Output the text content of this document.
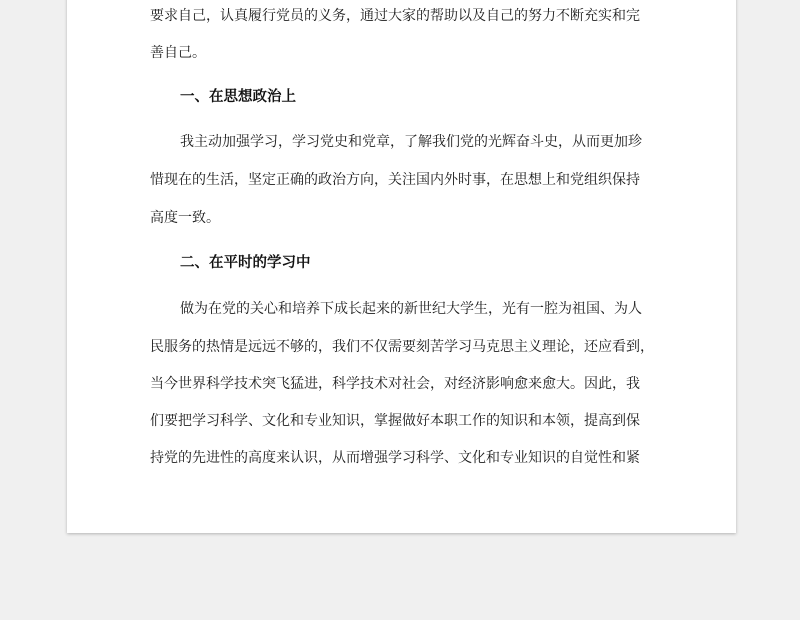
要求自己，认真履行党员的义务，通过大家的帮助以及自己的努力不断充实和完
善自己。
一、在思想政治上
我主动加强学习，学习党史和党章，了解我们党的光辉奋斗史，从而更加珍
惜现在的生活，坚定正确的政治方向，关注国内外时事，在思想上和党组织保持
高度一致。
二、在平时的学习中
做为在党的关心和培养下成长起来的新世纪大学生，光有一腔为祖国、为人
民服务的热情是远远不够的，我们不仅需要刻苦学习马克思主义理论，还应看到，
当今世界科学技术突飞猛进，科学技术对社会，对经济影响愈来愈大。因此，我
们要把学习科学、文化和专业知识，掌握做好本职工作的知识和本领，提高到保
持党的先进性的高度来认识，从而增强学习科学、文化和专业知识的自觉性和紧
